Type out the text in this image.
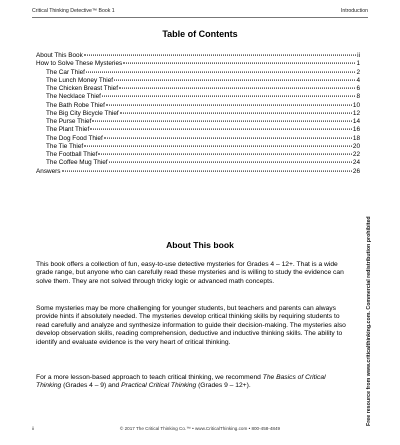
Critical Thinking Detective™ Book 1	Introduction
Table of Contents
About This Book	ii
How to Solve These Mysteries	1
The Car Thief	2
The Lunch Money Thief	4
The Chicken Breast Thief	6
The Necklace Thief	8
The Bath Robe Thief	10
The Big City Bicycle Thief	12
The Purse Thief	14
The Plant Thief	16
The Dog Food Thief	18
The Tie Thief	20
The Football Thief	22
The Coffee Mug Thief	24
Answers	26
About This book

This book offers a collection of fun, easy-to-use detective mysteries for Grades 4 – 12+. That is a wide grade range, but anyone who can carefully read these mysteries and is willing to study the evidence can solve them. They are not solved through tricky logic or advanced math concepts.

Some mysteries may be more challenging for younger students, but teachers and parents can always provide hints if absolutely needed. The mysteries develop critical thinking skills by requiring students to read carefully and analyze and synthesize information to guide their decision-making. The mysteries also develop observation skills, reading comprehension, deductive and inductive thinking skills. The ability to identify and evaluate evidence is the very heart of critical thinking.

For a more lesson-based approach to teach critical thinking, we recommend The Basics of Critical Thinking (Grades 4 – 9) and Practical Critical Thinking (Grades 9 – 12+).	Free resource from www.criticalthinking.com. Commercial redistribution prohibited
ii	© 2017 The Critical Thinking Co.™ • www.CriticalThinking.com • 800-458-4849
